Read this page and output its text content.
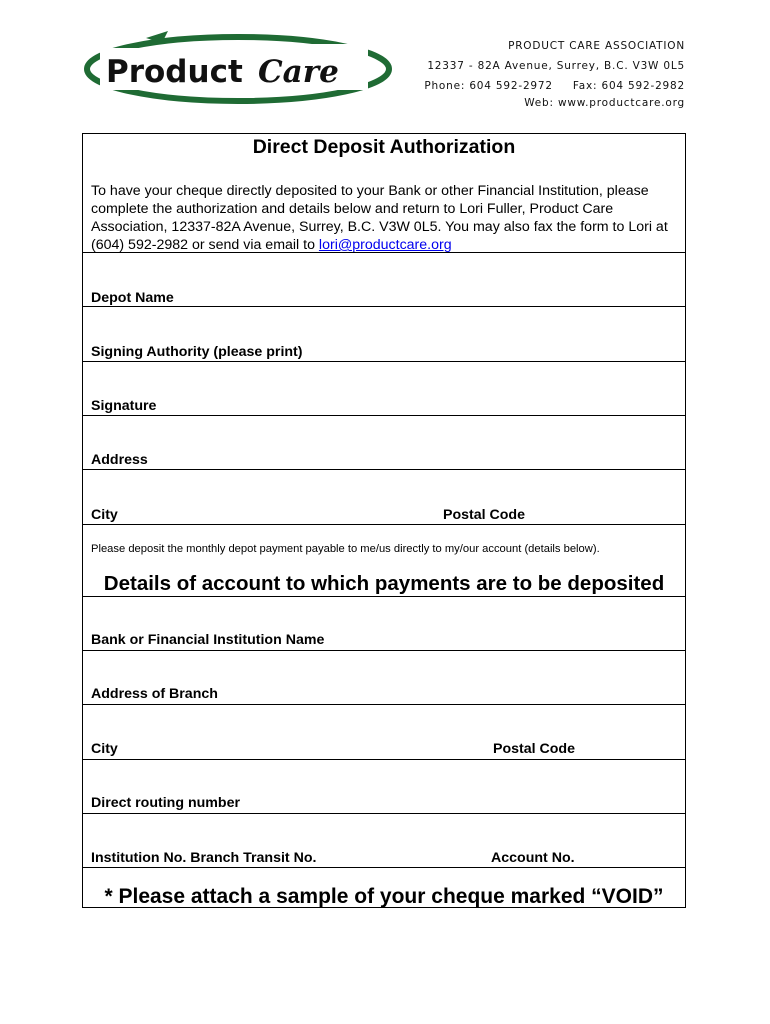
Product Care
PRODUCT CARE ASSOCIATION
12337 - 82A Avenue, Surrey, B.C. V3W 0L5
Phone: 604 592-2972 Fax: 604 592-2982
Web: www.productcare.org
Direct Deposit Authorization
To have your cheque directly deposited to your Bank or other Financial Institution, please complete the authorization and details below and return to Lori Fuller, Product Care Association, 12337-82A Avenue, Surrey, B.C. V3W 0L5. You may also fax the form to Lori at (604) 592-2982 or send via email to lori@productcare.org
Depot Name
Signing Authority (please print)
Signature
Address
City	Postal Code
Please deposit the monthly depot payment payable to me/us directly to my/our account (details below).
Details of account to which payments are to be deposited
Bank or Financial Institution Name
Address of Branch
City	Postal Code
Direct routing number
Institution No. Branch Transit No.	Account No.
* Please attach a sample of your cheque marked “VOID”
